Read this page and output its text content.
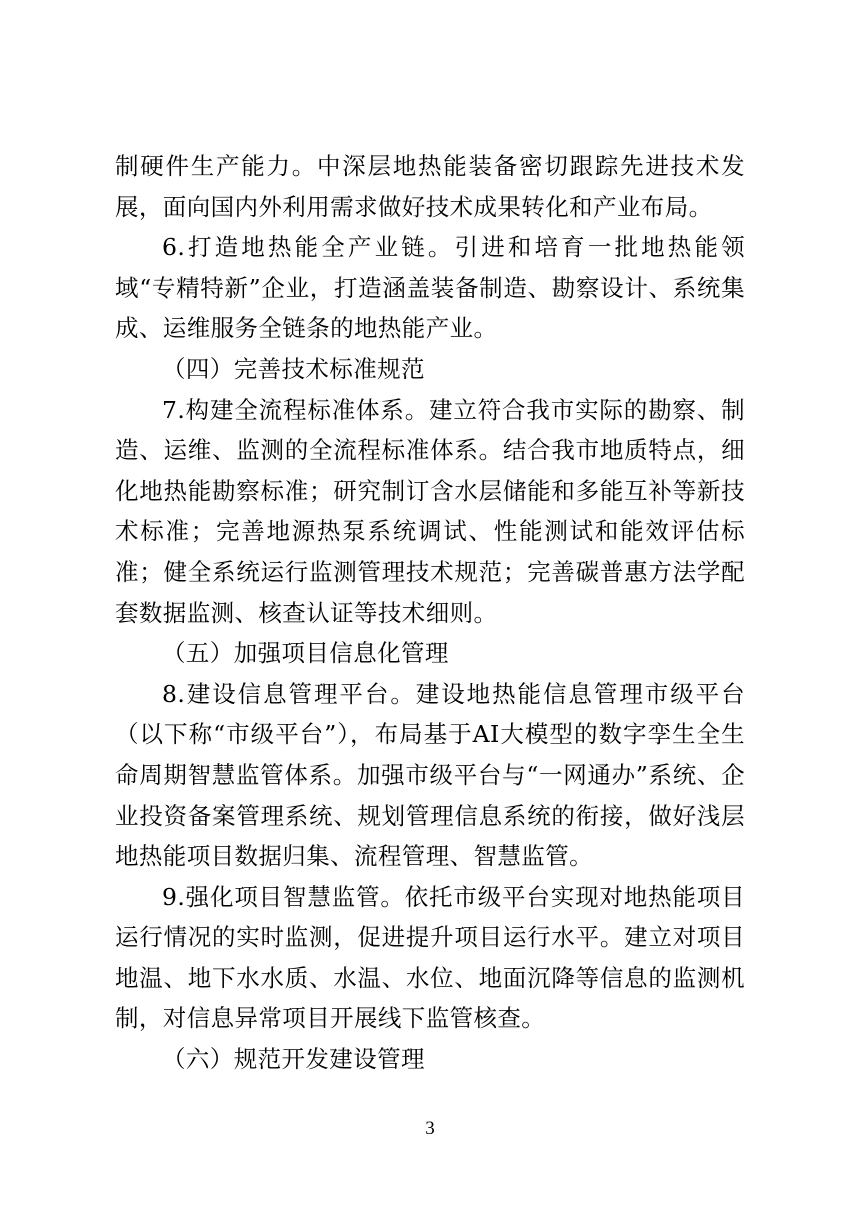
制硬件生产能力。中深层地热能装备密切跟踪先进技术发展，面向国内外利用需求做好技术成果转化和产业布局。

6.打造地热能全产业链。引进和培育一批地热能领域“专精特新”企业，打造涵盖装备制造、勘察设计、系统集成、运维服务全链条的地热能产业。

（四）完善技术标准规范

7.构建全流程标准体系。建立符合我市实际的勘察、制造、运维、监测的全流程标准体系。结合我市地质特点，细化地热能勘察标准；研究制订含水层储能和多能互补等新技术标准；完善地源热泵系统调试、性能测试和能效评估标准；健全系统运行监测管理技术规范；完善碳普惠方法学配套数据监测、核查认证等技术细则。

（五）加强项目信息化管理

8.建设信息管理平台。建设地热能信息管理市级平台（以下称“市级平台”），布局基于AI大模型的数字孪生全生命周期智慧监管体系。加强市级平台与“一网通办”系统、企业投资备案管理系统、规划管理信息系统的衔接，做好浅层地热能项目数据归集、流程管理、智慧监管。

9.强化项目智慧监管。依托市级平台实现对地热能项目运行情况的实时监测，促进提升项目运行水平。建立对项目地温、地下水水质、水温、水位、地面沉降等信息的监测机制，对信息异常项目开展线下监管核查。

（六）规范开发建设管理

3
